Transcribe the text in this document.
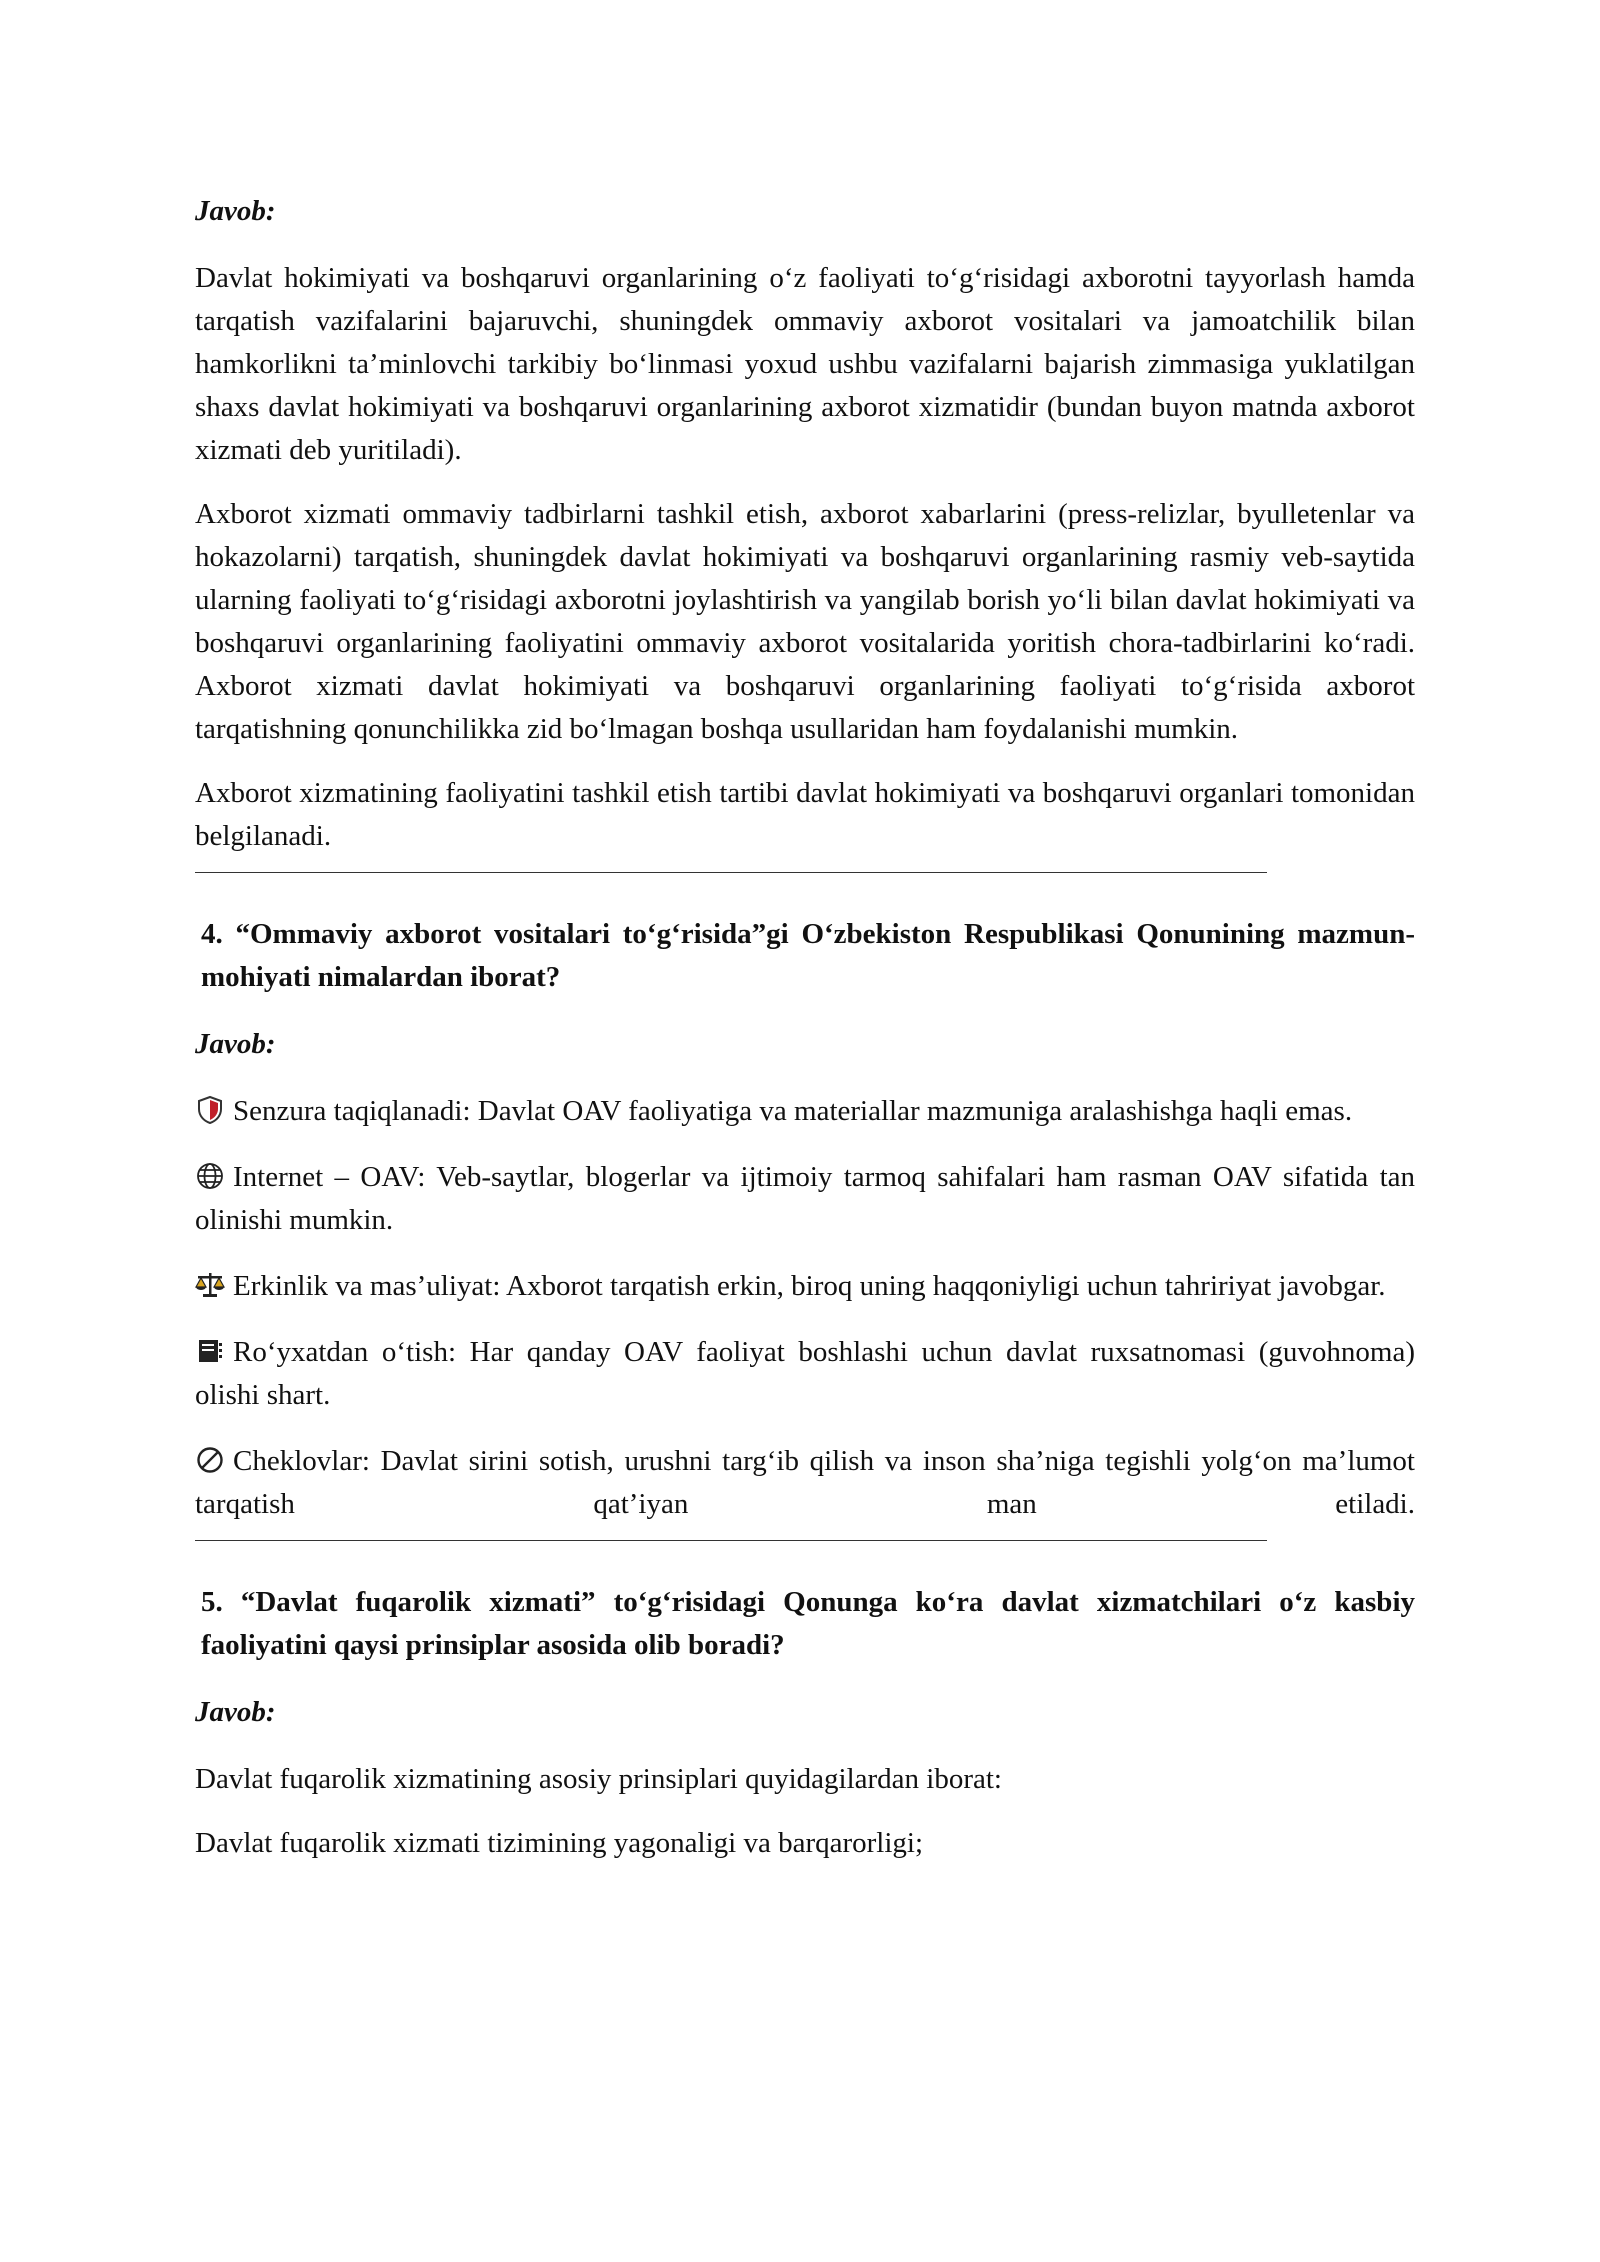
Javob:

Davlat hokimiyati va boshqaruvi organlarining o‘z faoliyati to‘g‘risidagi axborotni tayyorlash hamda tarqatish vazifalarini bajaruvchi, shuningdek ommaviy axborot vositalari va jamoatchilik bilan hamkorlikni ta’minlovchi tarkibiy bo‘linmasi yoxud ushbu vazifalarni bajarish zimmasiga yuklatilgan shaxs davlat hokimiyati va boshqaruvi organlarining axborot xizmatidir (bundan buyon matnda axborot xizmati deb yuritiladi).

Axborot xizmati ommaviy tadbirlarni tashkil etish, axborot xabarlarini (press-relizlar, byulletenlar va hokazolarni) tarqatish, shuningdek davlat hokimiyati va boshqaruvi organlarining rasmiy veb-saytida ularning faoliyati to‘g‘risidagi axborotni joylashtirish va yangilab borish yo‘li bilan davlat hokimiyati va boshqaruvi organlarining faoliyatini ommaviy axborot vositalarida yoritish chora-tadbirlarini ko‘radi. Axborot xizmati davlat hokimiyati va boshqaruvi organlarining faoliyati to‘g‘risida axborot tarqatishning qonunchilikka zid bo‘lmagan boshqa usullaridan ham foydalanishi mumkin.

Axborot xizmatining faoliyatini tashkil etish tartibi davlat hokimiyati va boshqaruvi organlari tomonidan belgilanadi.

4. “Ommaviy axborot vositalari to‘g‘risida”gi O‘zbekiston Respublikasi Qonunining mazmun-mohiyati nimalardan iborat?

Javob:

Senzura taqiqlanadi: Davlat OAV faoliyatiga va materiallar mazmuniga aralashishga haqli emas.

Internet – OAV: Veb-saytlar, blogerlar va ijtimoiy tarmoq sahifalari ham rasman OAV sifatida tan olinishi mumkin.

Erkinlik va mas’uliyat: Axborot tarqatish erkin, biroq uning haqqoniyligi uchun tahririyat javobgar.

Ro‘yxatdan o‘tish: Har qanday OAV faoliyat boshlashi uchun davlat ruxsatnomasi (guvohnoma) olishi shart.

Cheklovlar: Davlat sirini sotish, urushni targ‘ib qilish va inson sha’niga tegishli yolg‘on ma’lumot tarqatish qat’iyan man etiladi.

5. “Davlat fuqarolik xizmati” to‘g‘risidagi Qonunga ko‘ra davlat xizmatchilari o‘z kasbiy faoliyatini qaysi prinsiplar asosida olib boradi?

Javob:

Davlat fuqarolik xizmatining asosiy prinsiplari quyidagilardan iborat:

Davlat fuqarolik xizmati tizimining yagonaligi va barqarorligi;
